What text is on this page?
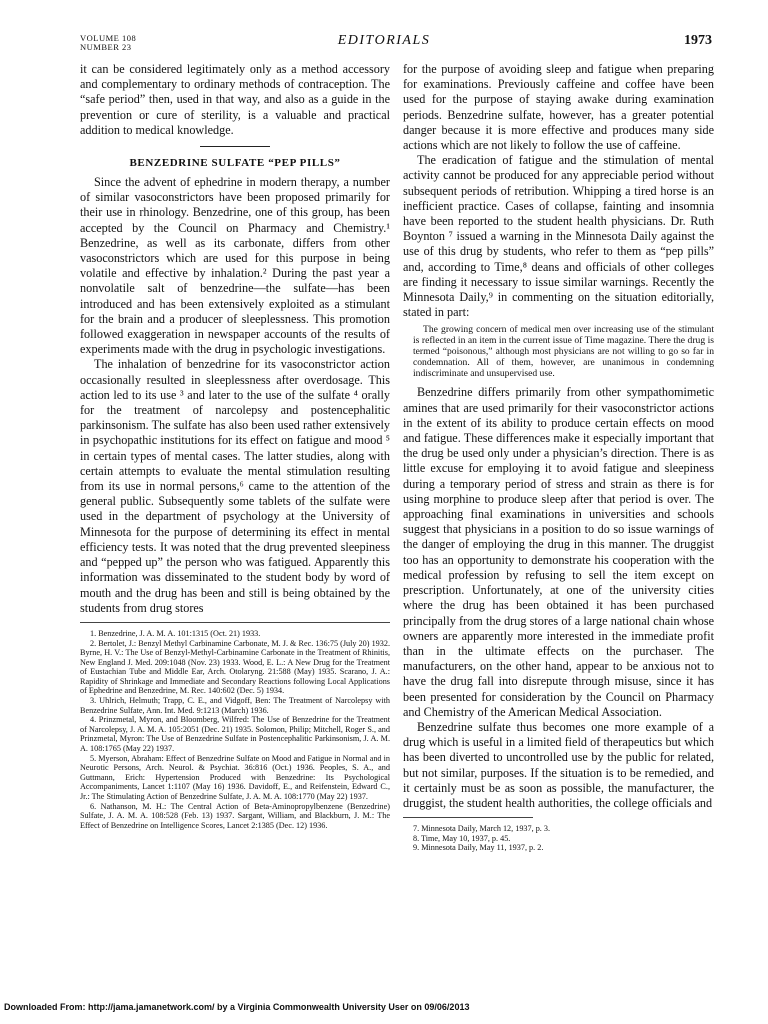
VOLUME 108
NUMBER 23	EDITORIALS	1973

it can be considered legitimately only as a method accessory and complementary to ordinary methods of contraception. The “safe period” then, used in that way, and also as a guide in the prevention or cure of sterility, is a valuable and practical addition to medical knowledge.

BENZEDRINE SULFATE “PEP PILLS”

Since the advent of ephedrine in modern therapy, a number of similar vasoconstrictors have been proposed primarily for their use in rhinology. Benzedrine, one of this group, has been accepted by the Council on Pharmacy and Chemistry.¹ Benzedrine, as well as its carbonate, differs from other vasoconstrictors which are used for this purpose in being volatile and effective by inhalation.² During the past year a nonvolatile salt of benzedrine—the sulfate—has been introduced and has been extensively exploited as a stimulant for the brain and a producer of sleeplessness. This promotion followed exaggeration in newspaper accounts of the results of experiments made with the drug in psychologic investigations.

The inhalation of benzedrine for its vasoconstrictor action occasionally resulted in sleeplessness after overdosage. This action led to its use ³ and later to the use of the sulfate ⁴ orally for the treatment of narcolepsy and postencephalitic parkinsonism. The sulfate has also been used rather extensively in psychopathic institutions for its effect on fatigue and mood ⁵ in certain types of mental cases. The latter studies, along with certain attempts to evaluate the mental stimulation resulting from its use in normal persons,⁶ came to the attention of the general public. Subsequently some tablets of the sulfate were used in the department of psychology at the University of Minnesota for the purpose of determining its effect in mental efficiency tests. It was noted that the drug prevented sleepiness and “pepped up” the person who was fatigued. Apparently this information was disseminated to the student body by word of mouth and the drug has been and still is being obtained by the students from drug stores

1. Benzedrine, J. A. M. A. 101:1315 (Oct. 21) 1933.

2. Bertolet, J.: Benzyl Methyl Carbinamine Carbonate, M. J. & Rec. 136:75 (July 20) 1932. Byrne, H. V.: The Use of Benzyl-Methyl-Carbinamine Carbonate in the Treatment of Rhinitis, New England J. Med. 209:1048 (Nov. 23) 1933. Wood, E. L.: A New Drug for the Treatment of Eustachian Tube and Middle Ear, Arch. Otolaryng. 21:588 (May) 1935. Scarano, J. A.: Rapidity of Shrinkage and Immediate and Secondary Reactions following Local Applications of Ephedrine and Benzedrine, M. Rec. 140:602 (Dec. 5) 1934.

3. Uhlrich, Helmuth; Trapp, C. E., and Vidgoff, Ben: The Treatment of Narcolepsy with Benzedrine Sulfate, Ann. Int. Med. 9:1213 (March) 1936.

4. Prinzmetal, Myron, and Bloomberg, Wilfred: The Use of Benzedrine for the Treatment of Narcolepsy, J. A. M. A. 105:2051 (Dec. 21) 1935. Solomon, Philip; Mitchell, Roger S., and Prinzmetal, Myron: The Use of Benzedrine Sulfate in Postencephalitic Parkinsonism, J. A. M. A. 108:1765 (May 22) 1937.

5. Myerson, Abraham: Effect of Benzedrine Sulfate on Mood and Fatigue in Normal and in Neurotic Persons, Arch. Neurol. & Psychiat. 36:816 (Oct.) 1936. Peoples, S. A., and Guttmann, Erich: Hypertension Produced with Benzedrine: Its Psychological Accompaniments, Lancet 1:1107 (May 16) 1936. Davidoff, E., and Reifenstein, Edward C., Jr.: The Stimulating Action of Benzedrine Sulfate, J. A. M. A. 108:1770 (May 22) 1937.

6. Nathanson, M. H.: The Central Action of Beta-Aminopropylbenzene (Benzedrine) Sulfate, J. A. M. A. 108:528 (Feb. 13) 1937. Sargant, William, and Blackburn, J. M.: The Effect of Benzedrine on Intelligence Scores, Lancet 2:1385 (Dec. 12) 1936.

for the purpose of avoiding sleep and fatigue when preparing for examinations. Previously caffeine and coffee have been used for the purpose of staying awake during examination periods. Benzedrine sulfate, however, has a greater potential danger because it is more effective and produces many side actions which are not likely to follow the use of caffeine.

The eradication of fatigue and the stimulation of mental activity cannot be produced for any appreciable period without subsequent periods of retribution. Whipping a tired horse is an inefficient practice. Cases of collapse, fainting and insomnia have been reported to the student health physicians. Dr. Ruth Boynton ⁷ issued a warning in the Minnesota Daily against the use of this drug by students, who refer to them as “pep pills” and, according to Time,⁸ deans and officials of other colleges are finding it necessary to issue similar warnings. Recently the Minnesota Daily,⁹ in commenting on the situation editorially, stated in part:

The growing concern of medical men over increasing use of the stimulant is reflected in an item in the current issue of Time magazine. There the drug is termed “poisonous,” although most physicians are not willing to go so far in condemnation. All of them, however, are unanimous in condemning indiscriminate and unsupervised use.

Benzedrine differs primarily from other sympathomimetic amines that are used primarily for their vasoconstrictor actions in the extent of its ability to produce certain effects on mood and fatigue. These differences make it especially important that the drug be used only under a physician’s direction. There is as little excuse for employing it to avoid fatigue and sleepiness during a temporary period of stress and strain as there is for using morphine to produce sleep after that period is over. The approaching final examinations in universities and schools suggest that physicians in a position to do so issue warnings of the danger of employing the drug in this manner. The druggist too has an opportunity to demonstrate his cooperation with the medical profession by refusing to sell the item except on prescription. Unfortunately, at one of the university cities where the drug has been obtained it has been purchased principally from the drug stores of a large national chain whose owners are apparently more interested in the immediate profit than in the ultimate effects on the purchaser. The manufacturers, on the other hand, appear to be anxious not to have the drug fall into disrepute through misuse, since it has been presented for consideration by the Council on Pharmacy and Chemistry of the American Medical Association.

Benzedrine sulfate thus becomes one more example of a drug which is useful in a limited field of therapeutics but which has been diverted to uncontrolled use by the public for related, but not similar, purposes. If the situation is to be remedied, and it certainly must be as soon as possible, the manufacturer, the druggist, the student health authorities, the college officials and

7. Minnesota Daily, March 12, 1937, p. 3.

8. Time, May 10, 1937, p. 45.

9. Minnesota Daily, May 11, 1937, p. 2.

Downloaded From: http://jama.jamanetwork.com/ by a Virginia Commonwealth University User on 09/06/2013
